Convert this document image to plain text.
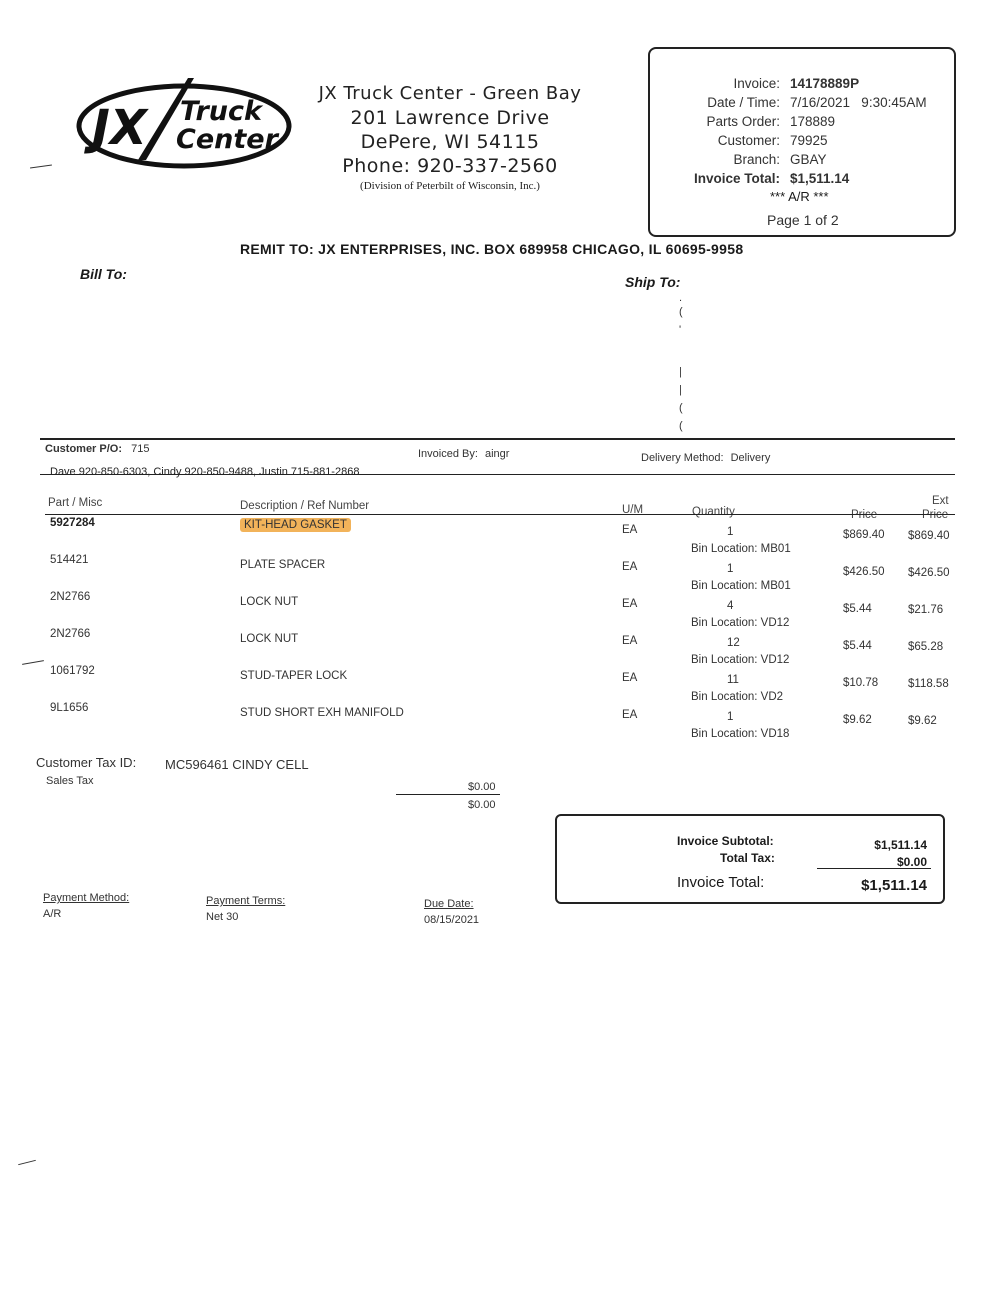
JX Truck
Center
JX Truck Center - Green Bay
201 Lawrence Drive
DePere, WI 54115
Phone: 920-337-2560
(Division of Peterbilt of Wisconsin, Inc.)
Invoice: 14178889P
Date / Time: 7/16/2021   9:30:45AM
Parts Order: 178889
Customer: 79925
Branch: GBAY
Invoice Total: $1,511.14
*** A/R ***
Page 1 of 2
REMIT TO: JX ENTERPRISES, INC. BOX 689958 CHICAGO, IL 60695-9958
Bill To:	Ship To:
.
(
'
|
|
(
(
Customer P/O: 715	Invoiced By: aingr	Delivery Method: Delivery
Dave 920-850-6303, Cindy 920-850-9488, Justin 715-881-2868
Part / Misc	Description / Ref Number	U/M	Quantity	Price
Ext
Price
5927284	KIT-HEAD GASKET	EA	1
Bin Location: MB01
$869.40 $869.40
514421	PLATE SPACER	EA	1
Bin Location: MB01
$426.50 $426.50
2N2766	LOCK NUT	EA	4
Bin Location: VD12
$5.44	$21.76
2N2766	LOCK NUT	EA	12
Bin Location: VD12
$5.44	$65.28
1061792	STUD-TAPER LOCK	EA	11
Bin Location: VD2
$10.78	$118.58
9L1656	STUD SHORT EXH MANIFOLD	EA	1
Bin Location: VD18
$9.62	$9.62
Customer Tax ID: MC596461 CINDY CELL
Sales Tax	$0.00
$0.00
Invoice Subtotal:	$1,511.14
Total Tax:	$0.00
Invoice Total:	$1,511.14
Payment Method:
A/R
Payment Terms:
Net 30
Due Date:
08/15/2021
